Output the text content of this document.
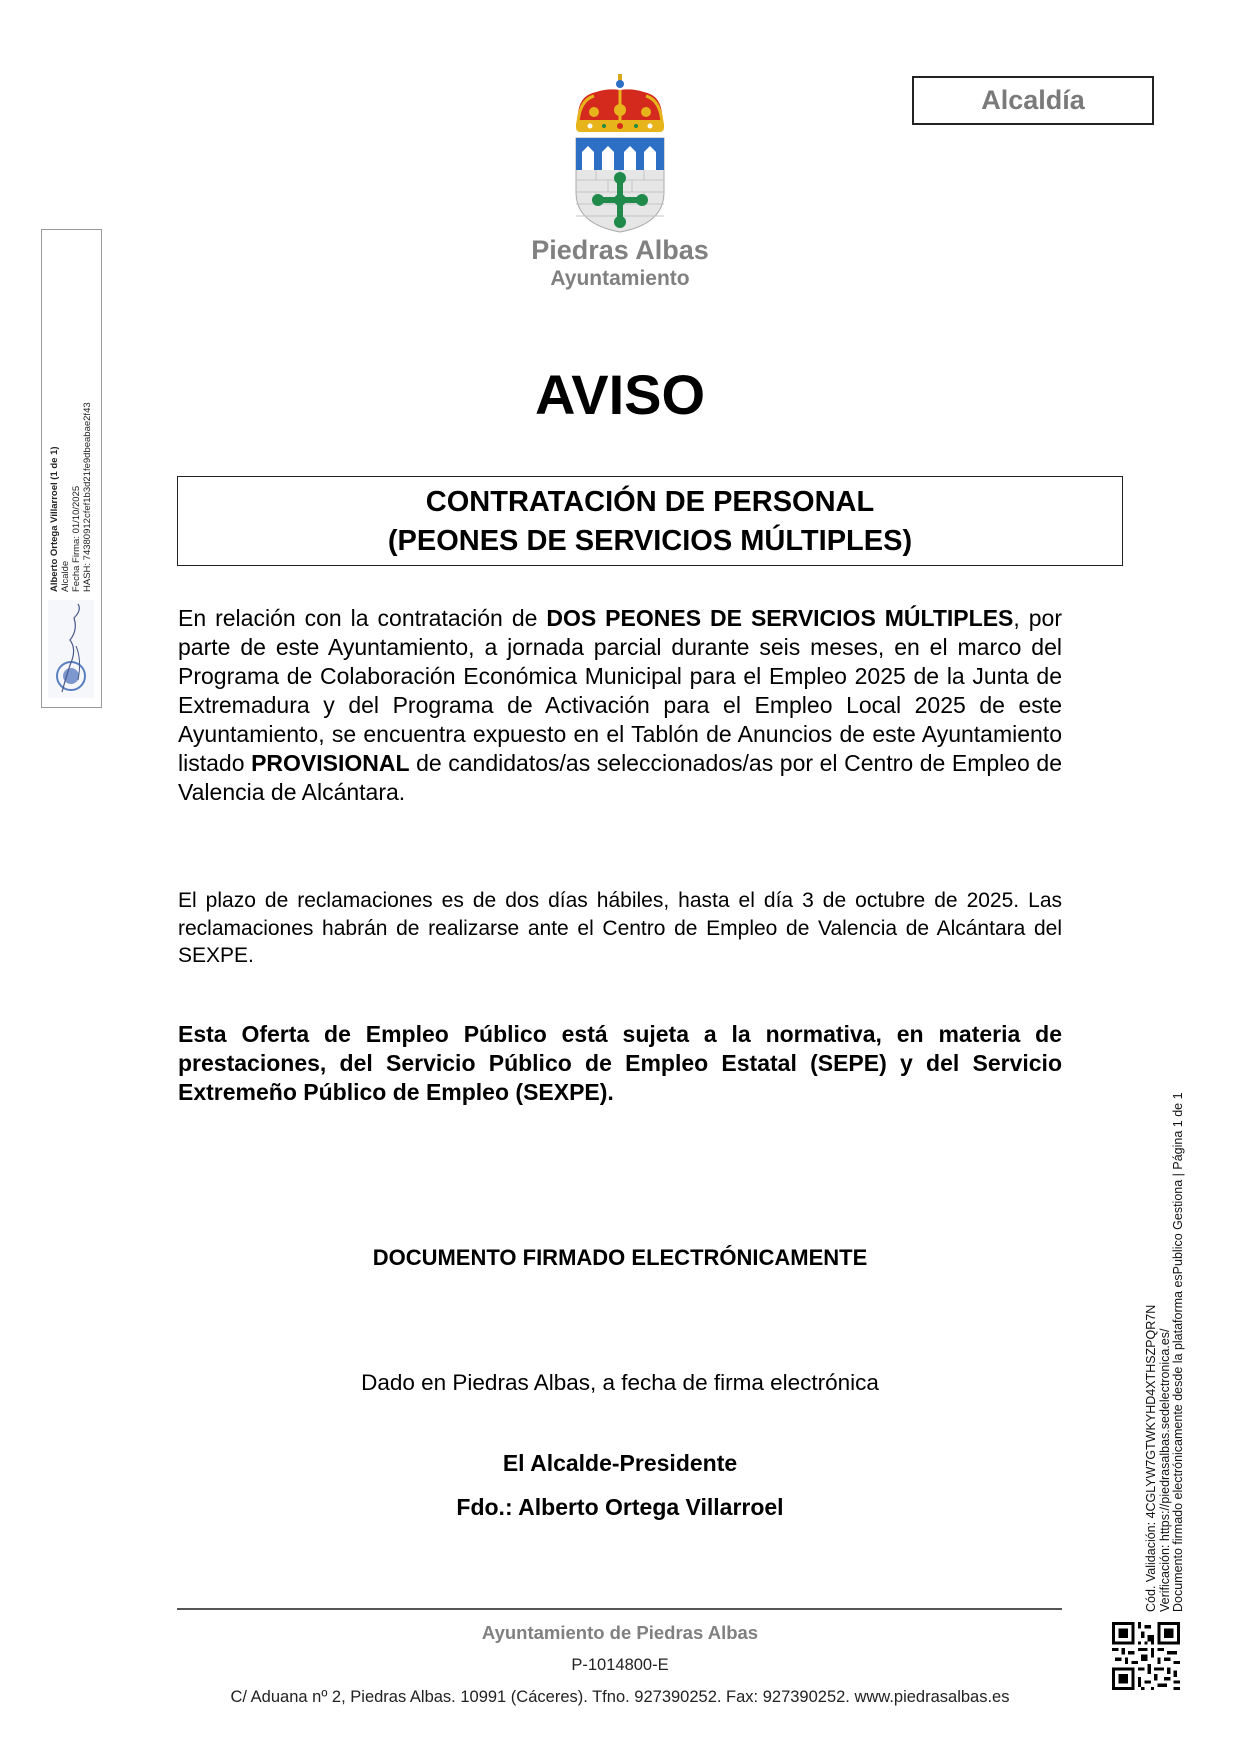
Alcaldía
Piedras Albas
Ayuntamiento
AVISO
CONTRATACIÓN DE PERSONAL
(PEONES DE SERVICIOS MÚLTIPLES)
En relación con la contratación de DOS PEONES DE SERVICIOS MÚLTIPLES, por parte de este Ayuntamiento, a jornada parcial durante seis meses, en el marco del Programa de Colaboración Económica Municipal para el Empleo 2025 de la Junta de Extremadura y del Programa de Activación para el Empleo Local 2025 de este Ayuntamiento, se encuentra expuesto en el Tablón de Anuncios de este Ayuntamiento listado PROVISIONAL de candidatos/as seleccionados/as por el Centro de Empleo de Valencia de Alcántara.
El plazo de reclamaciones es de dos días hábiles, hasta el día 3 de octubre de 2025. Las reclamaciones habrán de realizarse ante el Centro de Empleo de Valencia de Alcántara del SEXPE.
Esta Oferta de Empleo Público está sujeta a la normativa, en materia de prestaciones, del Servicio Público de Empleo Estatal (SEPE) y del Servicio Extremeño Público de Empleo (SEXPE).
DOCUMENTO FIRMADO ELECTRÓNICAMENTE
Dado en Piedras Albas, a fecha de firma electrónica
El Alcalde-Presidente
Fdo.: Alberto Ortega Villarroel
Ayuntamiento de Piedras Albas
P-1014800-E
C/ Aduana nº 2, Piedras Albas. 10991 (Cáceres). Tfno. 927390252. Fax: 927390252. www.piedrasalbas.es
Alberto Ortega Villarroel (1 de 1) Alcalde Fecha Firma: 01/10/2025 HASH: 74380912cfef1b3d21fe9dbeabae2f43
Cód. Validación: 4CGLYW7GTWKYHD4XTHSZPQR7N Verificación: https://piedrasalbas.sedelectronica.es/ Documento firmado electrónicamente desde la plataforma esPublico Gestiona | Página 1 de 1
